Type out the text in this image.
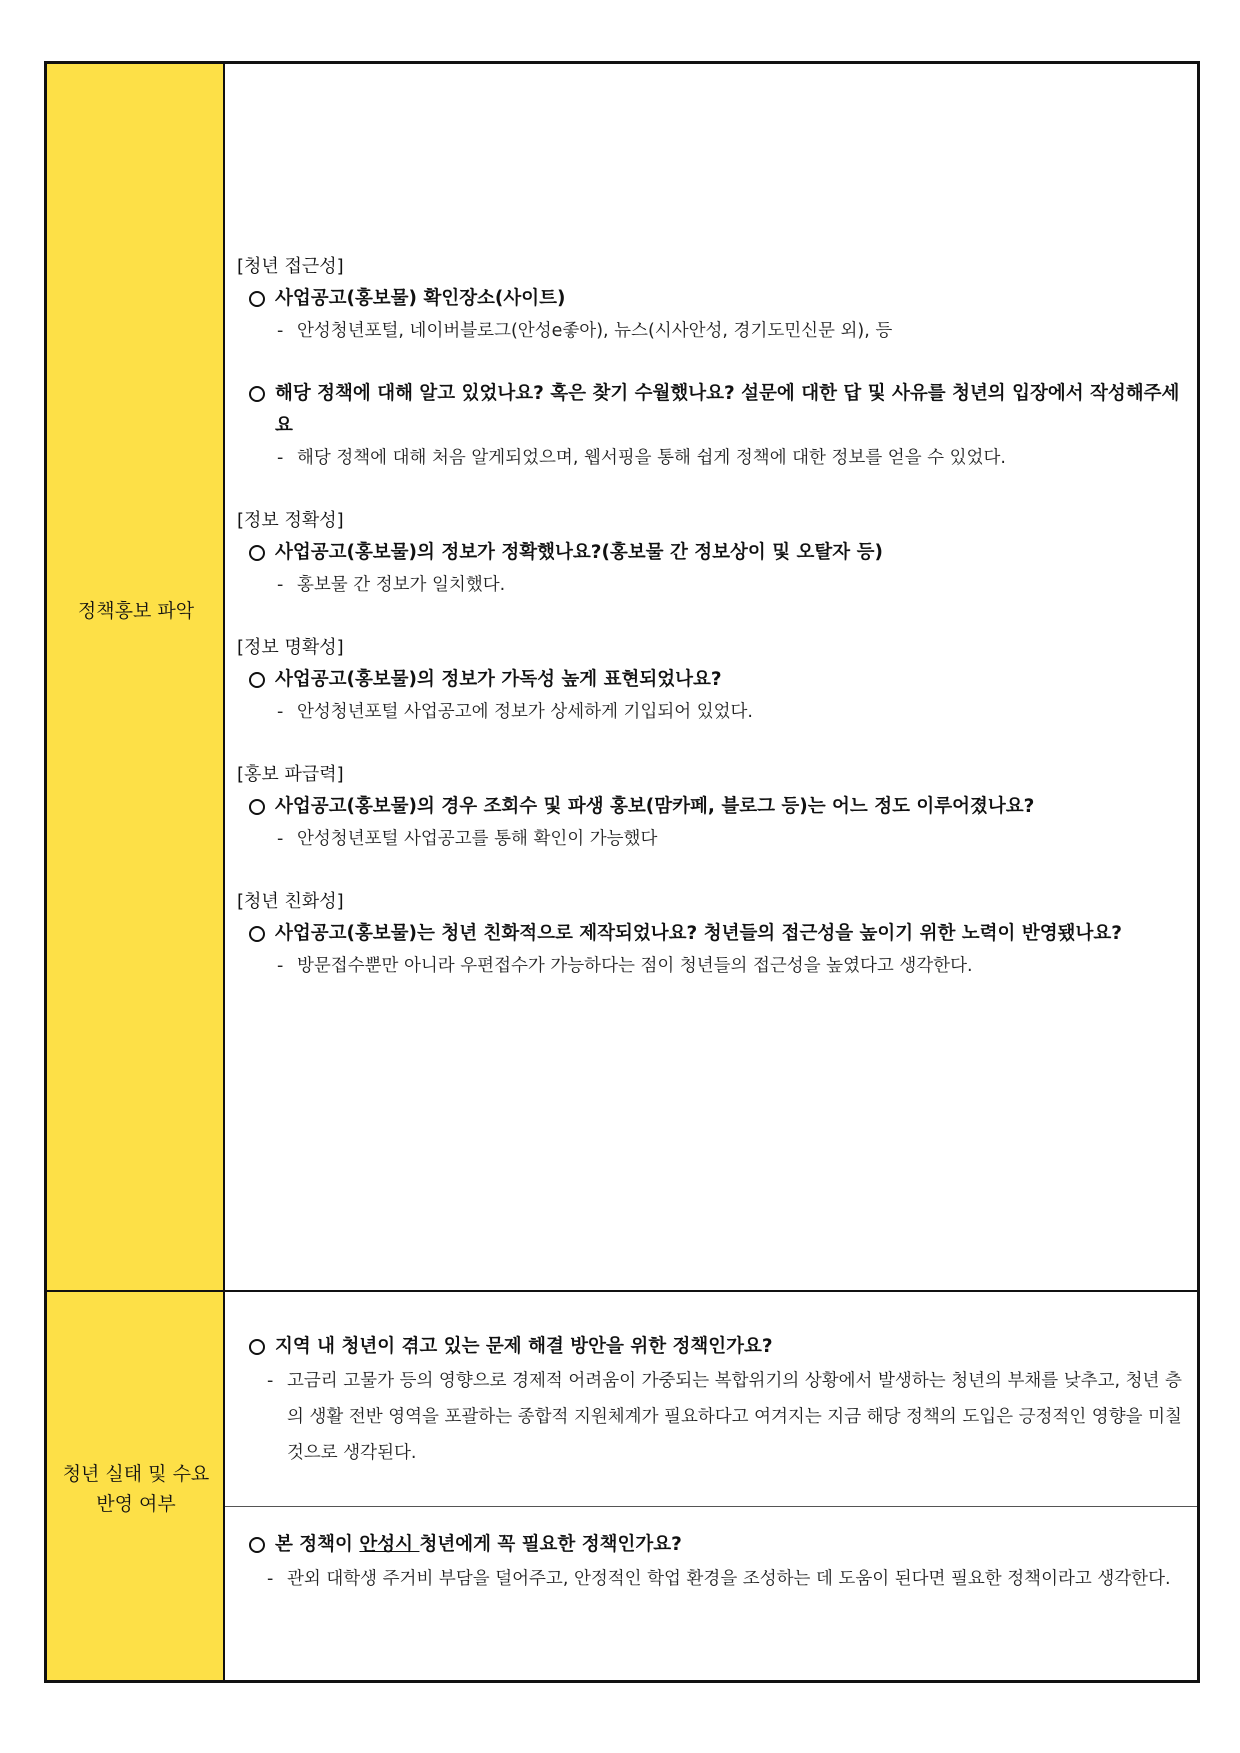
정책홍보 파악
[청년 접근성]
사업공고(홍보물) 확인장소(사이트)
- 안성청년포털, 네이버블로그(안성e좋아), 뉴스(시사안성, 경기도민신문 외), 등
해당 정책에 대해 알고 있었나요? 혹은 찾기 수월했나요? 설문에 대한 답 및 사유를 청년의 입장에서 작성해주세요
- 해당 정책에 대해 처음 알게되었으며, 웹서핑을 통해 쉽게 정책에 대한 정보를 얻을 수 있었다.
[정보 정확성]
사업공고(홍보물)의 정보가 정확했나요?(홍보물 간 정보상이 및 오탈자 등)
- 홍보물 간 정보가 일치했다.
[정보 명확성]
사업공고(홍보물)의 정보가 가독성 높게 표현되었나요?
- 안성청년포털 사업공고에 정보가 상세하게 기입되어 있었다.
[홍보 파급력]
사업공고(홍보물)의 경우 조회수 및 파생 홍보(맘카페, 블로그 등)는 어느 정도 이루어졌나요?
- 안성청년포털 사업공고를 통해 확인이 가능했다
[청년 친화성]
사업공고(홍보물)는 청년 친화적으로 제작되었나요? 청년들의 접근성을 높이기 위한 노력이 반영됐나요?
- 방문접수뿐만 아니라 우편접수가 가능하다는 점이 청년들의 접근성을 높였다고 생각한다.
청년 실태 및 수요
반영 여부
지역 내 청년이 겪고 있는 문제 해결 방안을 위한 정책인가요?
- 고금리 고물가 등의 영향으로 경제적 어려움이 가중되는 복합위기의 상황에서 발생하는 청년의 부채를 낮추고, 청년 층의 생활 전반 영역을 포괄하는 종합적 지원체계가 필요하다고 여겨지는 지금 해당 정책의 도입은 긍정적인 영향을 미칠 것으로 생각된다.
본 정책이 안성시 청년에게 꼭 필요한 정책인가요?
- 관외 대학생 주거비 부담을 덜어주고, 안정적인 학업 환경을 조성하는 데 도움이 된다면 필요한 정책이라고 생각한다.
